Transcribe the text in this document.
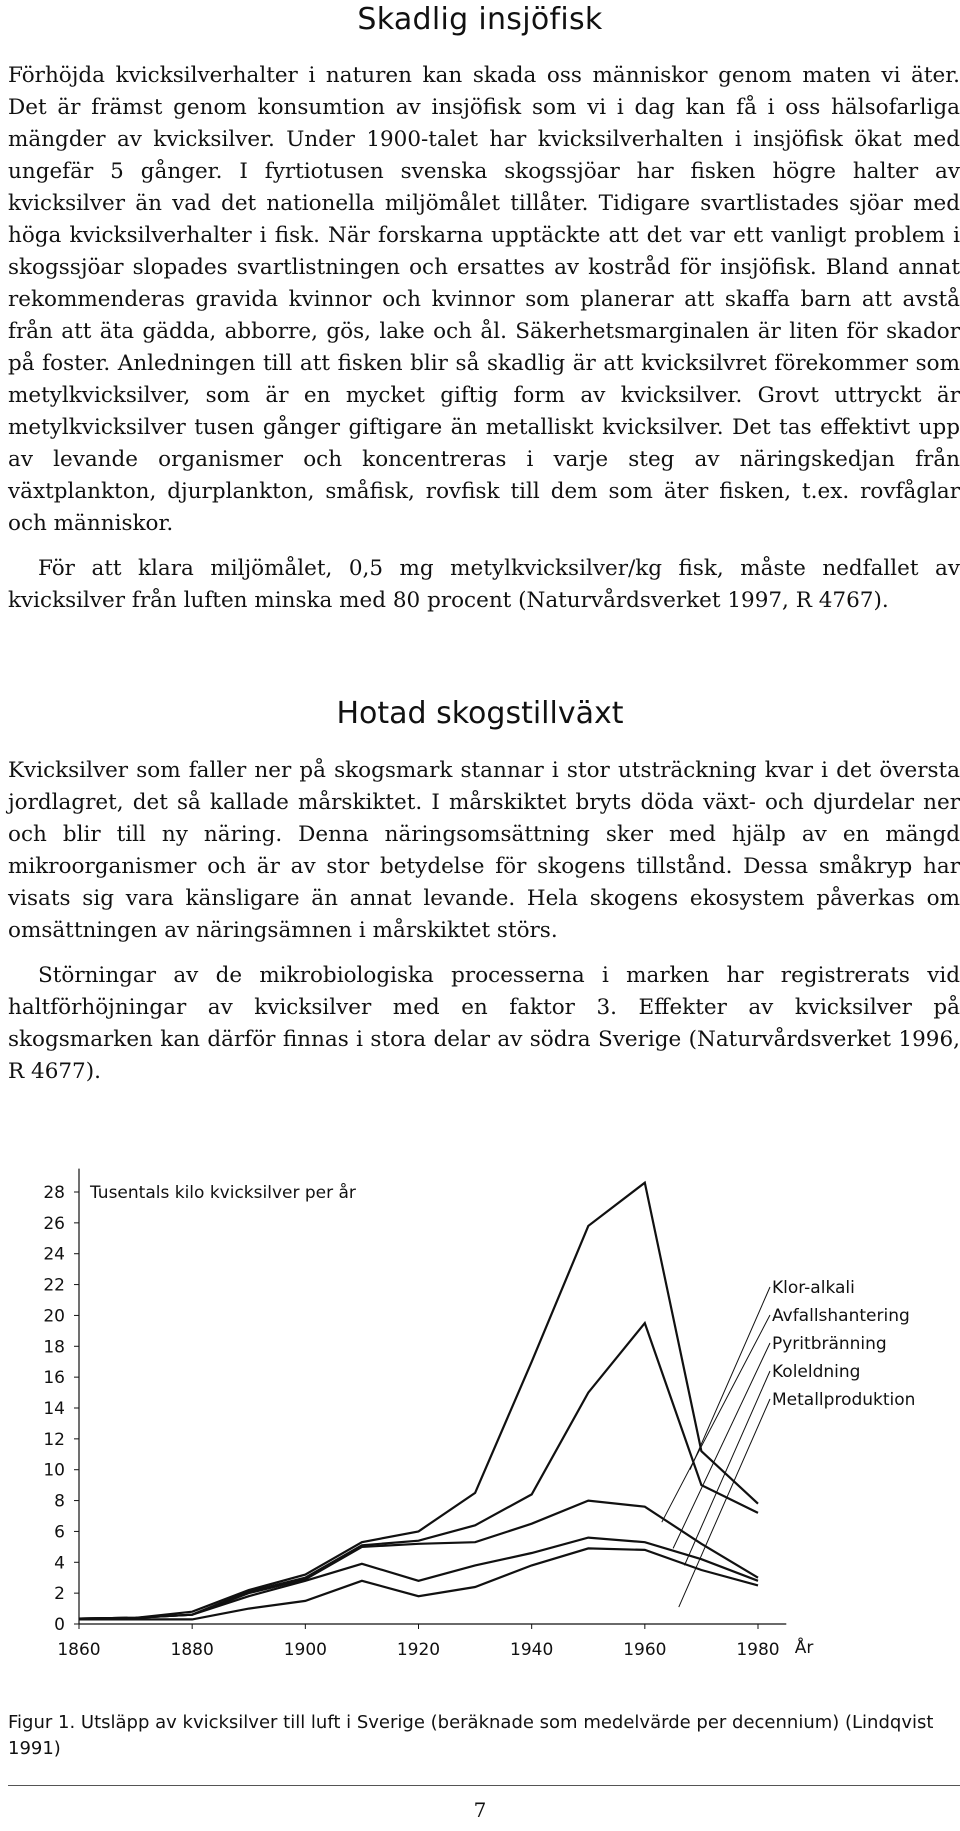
Skadlig insjöfisk

Förhöjda kvicksilverhalter i naturen kan skada oss människor genom maten vi äter. Det är främst genom konsumtion av insjöfisk som vi i dag kan få i oss hälsofarliga mängder av kvicksilver. Under 1900-talet har kvicksilverhalten i insjöfisk ökat med ungefär 5 gånger. I fyrtiotusen svenska skogssjöar har fisken högre halter av kvicksilver än vad det nationella miljömålet tillåter. Tidigare svartlistades sjöar med höga kvicksilverhalter i fisk. När forskarna upptäckte att det var ett vanligt problem i skogssjöar slopades svartlistningen och ersattes av kostråd för insjöfisk. Bland annat rekommenderas gravida kvinnor och kvinnor som planerar att skaffa barn att avstå från att äta gädda, abborre, gös, lake och ål. Säkerhetsmarginalen är liten för skador på foster. Anledningen till att fisken blir så skadlig är att kvicksilvret förekommer som metylkvicksilver, som är en mycket giftig form av kvicksilver. Grovt uttryckt är metylkvicksilver tusen gånger giftigare än metalliskt kvicksilver. Det tas effektivt upp av levande organismer och koncentreras i varje steg av näringskedjan från växtplankton, djurplankton, småfisk, rovfisk till dem som äter fisken, t.ex. rovfåglar och människor.

För att klara miljömålet, 0,5 mg metylkvicksilver/kg fisk, måste nedfallet av kvicksilver från luften minska med 80 procent (Naturvårdsverket 1997, R 4767).

Hotad skogstillväxt

Kvicksilver som faller ner på skogsmark stannar i stor utsträckning kvar i det översta jordlagret, det så kallade mårskiktet. I mårskiktet bryts döda växt- och djurdelar ner och blir till ny näring. Denna näringsomsättning sker med hjälp av en mängd mikroorganismer och är av stor betydelse för skogens tillstånd. Dessa småkryp har visats sig vara känsligare än annat levande. Hela skogens ekosystem påverkas om omsättningen av näringsämnen i mårskiktet störs.

Störningar av de mikrobiologiska processerna i marken har registrerats vid haltförhöjningar av kvicksilver med en faktor 3. Effekter av kvicksilver på skogsmarken kan därför finnas i stora delar av södra Sverige (Naturvårdsverket 1996, R 4677).

0
2
4
6
8
10
12
14
16
18
20
22
24
26
28
1860	1880	1900	1920	1940	1960	1980 År
Tusentals kilo kvicksilver per år
Klor-alkali
Avfallshantering
Pyritbränning
Koleldning
Metallproduktion

Figur 1. Utsläpp av kvicksilver till luft i Sverige (beräknade som medelvärde per decennium) (Lindqvist 1991)

7
